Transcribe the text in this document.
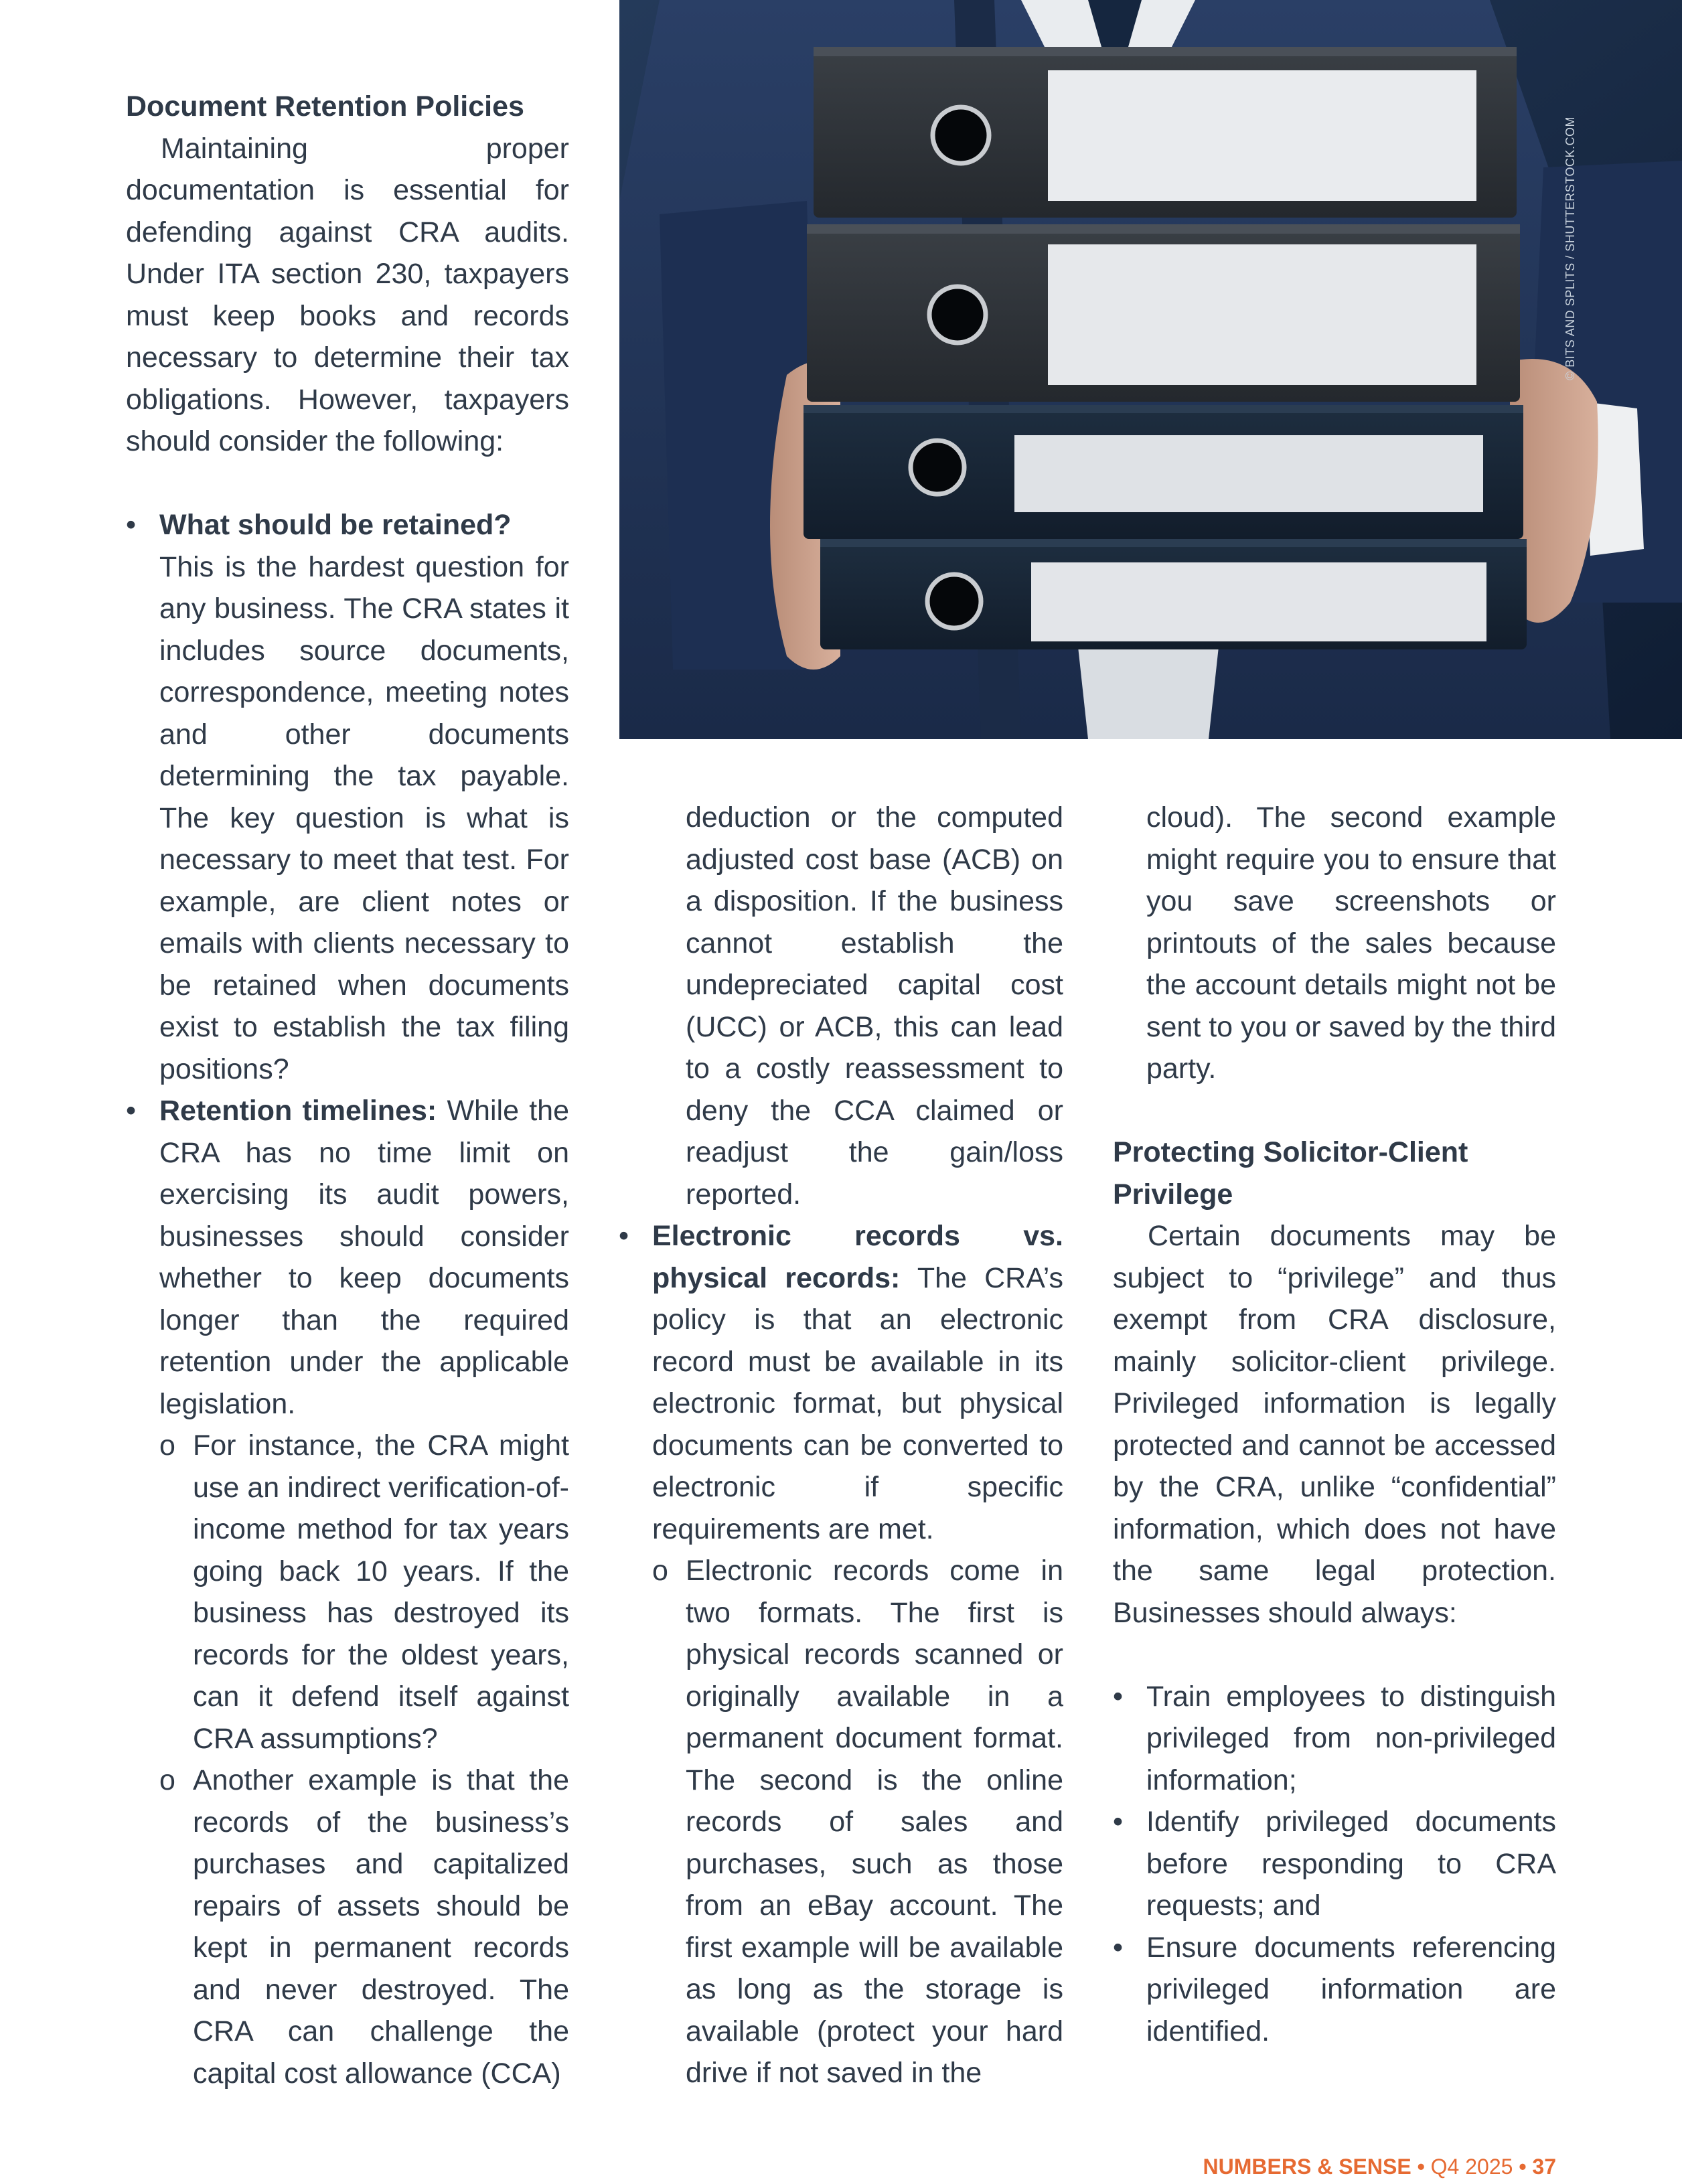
© BITS AND SPLITS / SHUTTERSTOCK.COM

Document Retention Policies

Maintaining proper documentation is essential for defending against CRA audits. Under ITA section 230, taxpayers must keep books and records necessary to determine their tax obligations. However, taxpayers should consider the following:

• What should be retained?

This is the hardest question for any business. The CRA states it includes source documents, correspondence, meeting notes and other documents determining the tax payable. The key question is what is necessary to meet that test. For example, are client notes or emails with clients necessary to be retained when documents exist to establish the tax filing positions?

• Retention timelines: While the CRA has no time limit on exercising its audit powers, businesses should consider whether to keep documents longer than the required retention under the applicable legislation.

o For instance, the CRA might use an indirect verification-of-income method for tax years going back 10 years. If the business has destroyed its records for the oldest years, can it defend itself against CRA assumptions?

o Another example is that the records of the business’s purchases and capitalized repairs of assets should be kept in permanent records and never destroyed. The CRA can challenge the capital cost allowance (CCA)

deduction or the computed adjusted cost base (ACB) on a disposition. If the business cannot establish the undepreciated capital cost (UCC) or ACB, this can lead to a costly reassessment to deny the CCA claimed or readjust the gain/loss reported.

• Electronic records vs. physical records: The CRA’s policy is that an electronic record must be available in its electronic format, but physical documents can be converted to electronic if specific requirements are met.

o Electronic records come in two formats. The first is physical records scanned or originally available in a permanent document format. The second is the online records of sales and purchases, such as those from an eBay account. The first example will be available as long as the storage is available (protect your hard drive if not saved in the

cloud). The second example might require you to ensure that you save screenshots or printouts of the sales because the account details might not be sent to you or saved by the third party.

Protecting Solicitor-Client Privilege

Certain documents may be subject to “privilege” and thus exempt from CRA disclosure, mainly solicitor-client privilege. Privileged information is legally protected and cannot be accessed by the CRA, unlike “confidential” information, which does not have the same legal protection. Businesses should always:

• Train employees to distinguish privileged from non-privileged information;

• Identify privileged documents before responding to CRA requests; and

• Ensure documents referencing privileged information are identified.

NUMBERS & SENSE • Q4 2025 • 37
